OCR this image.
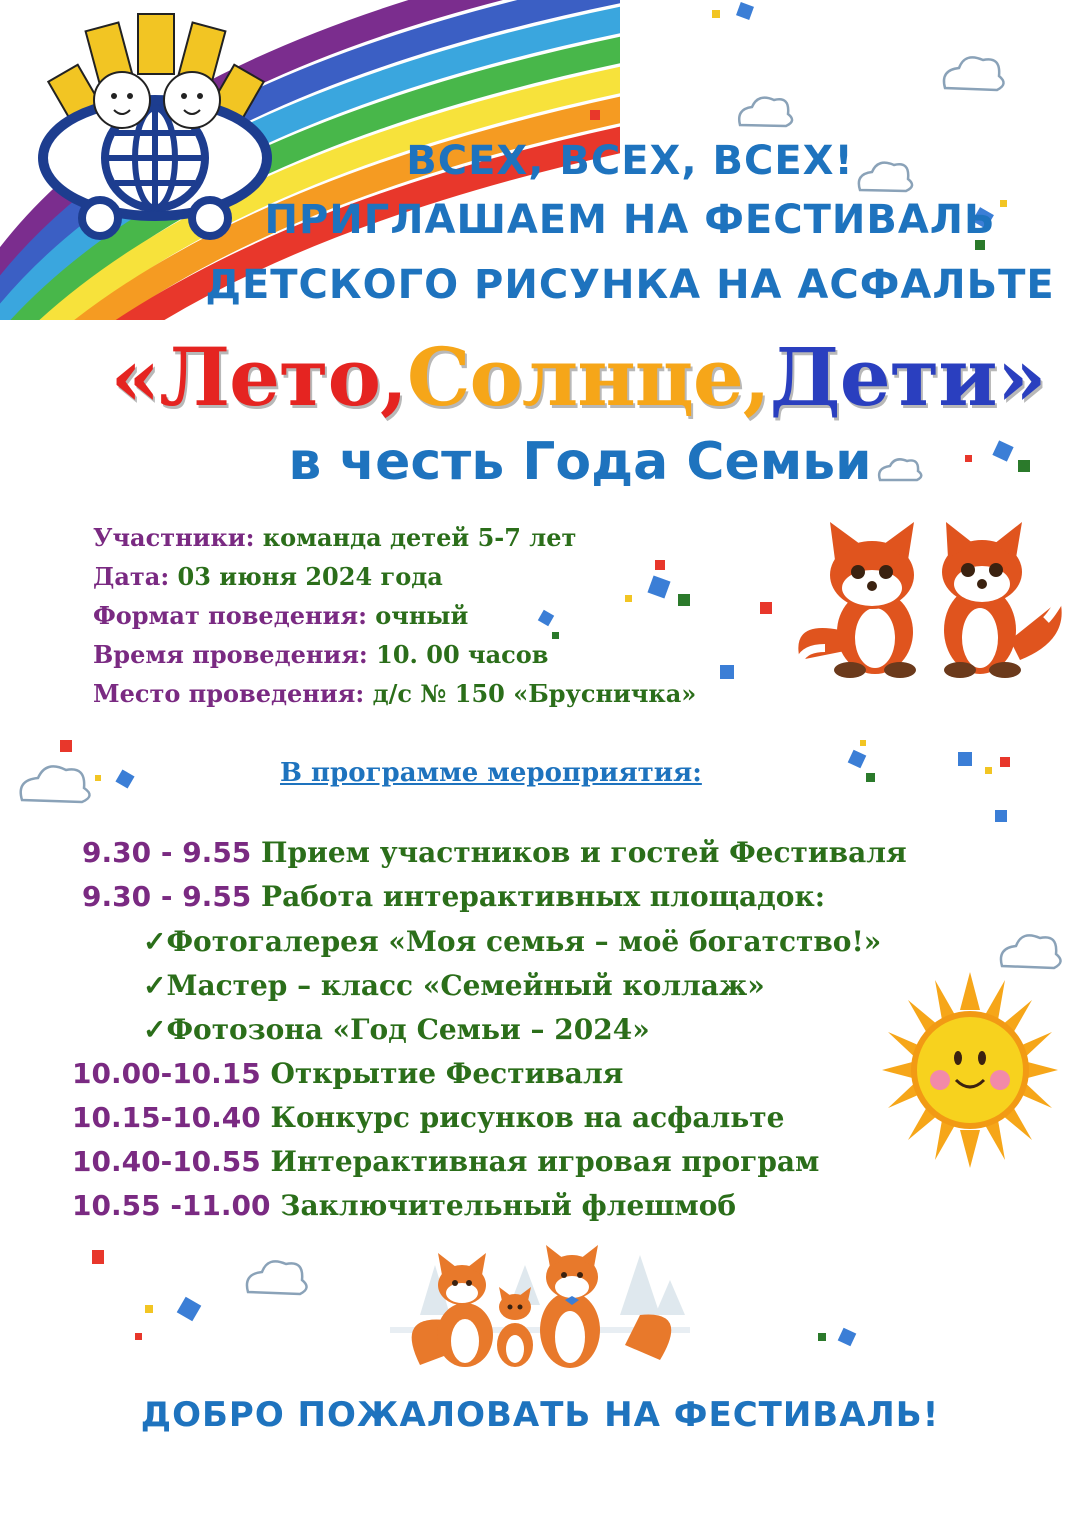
ВСЕХ, ВСЕХ, ВСЕХ!
ПРИГЛАШАЕМ НА ФЕСТИВАЛЬ
ДЕТСКОГО РИСУНКА НА АСФАЛЬТЕ
«Лето,Солнце,Дети»
в честь Года Семьи
Участники: команда детей 5-7 лет
Дата: 03 июня 2024 года
Формат поведения: очный
Время проведения: 10. 00 часов
Место проведения: д/с № 150 «Брусничка»
В программе мероприятия:
9.30 - 9.55 Прием участников и гостей Фестиваля
9.30 - 9.55 Работа интерактивных площадок:
✓Фотогалерея «Моя семья – моё богатство!»
✓Мастер – класс «Семейный коллаж»
✓Фотозона «Год Семьи – 2024»
10.00-10.15 Открытие Фестиваля
10.15-10.40 Конкурс рисунков на асфальте
10.40-10.55 Интерактивная игровая програм
10.55 -11.00 Заключительный флешмоб
ДОБРО ПОЖАЛОВАТЬ НА ФЕСТИВАЛЬ!
